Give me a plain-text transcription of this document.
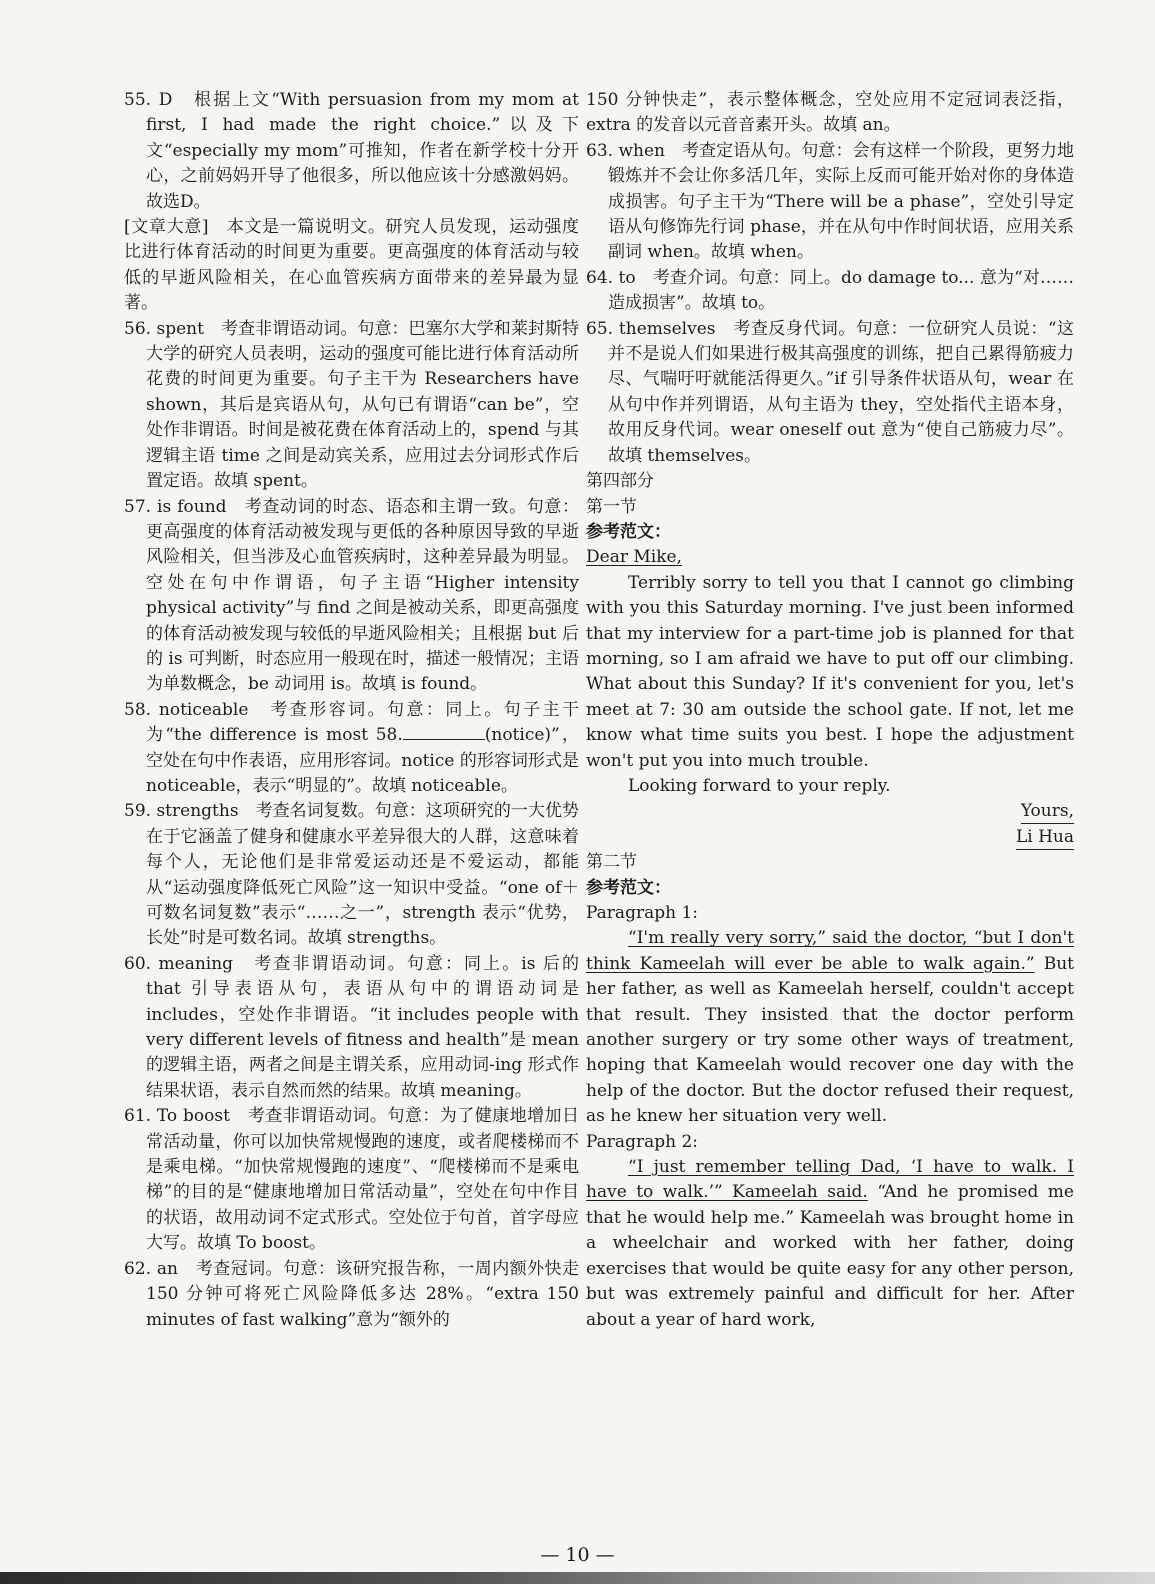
55. D　根据上文“With persuasion from my mom at first, I had made the right choice.”以及下文“especially my mom”可推知，作者在新学校十分开心，之前妈妈开导了他很多，所以他应该十分感激妈妈。故选D。

[文章大意]　本文是一篇说明文。研究人员发现，运动强度比进行体育活动的时间更为重要。更高强度的体育活动与较低的早逝风险相关，在心血管疾病方面带来的差异最为显著。

56. spent　考查非谓语动词。句意：巴塞尔大学和莱封斯特大学的研究人员表明，运动的强度可能比进行体育活动所花费的时间更为重要。句子主干为 Researchers have shown，其后是宾语从句，从句已有谓语“can be”，空处作非谓语。时间是被花费在体育活动上的，spend 与其逻辑主语 time 之间是动宾关系，应用过去分词形式作后置定语。故填 spent。

57. is found　考查动词的时态、语态和主谓一致。句意：更高强度的体育活动被发现与更低的各种原因导致的早逝风险相关，但当涉及心血管疾病时，这种差异最为明显。空处在句中作谓语，句子主语“Higher intensity physical activity”与 find 之间是被动关系，即更高强度的体育活动被发现与较低的早逝风险相关；且根据 but 后的 is 可判断，时态应用一般现在时，描述一般情况；主语为单数概念，be 动词用 is。故填 is found。

58. noticeable　考查形容词。句意：同上。句子主干为“the difference is most 58.	(notice)”，空处在句中作表语，应用形容词。notice 的形容词形式是 noticeable，表示“明显的”。故填 noticeable。

59. strengths　考查名词复数。句意：这项研究的一大优势在于它涵盖了健身和健康水平差异很大的人群，这意味着每个人，无论他们是非常爱运动还是不爱运动，都能从“运动强度降低死亡风险”这一知识中受益。“one of＋可数名词复数”表示“……之一”，strength 表示“优势，长处”时是可数名词。故填 strengths。

60. meaning　考查非谓语动词。句意：同上。is 后的 that 引导表语从句，表语从句中的谓语动词是 includes，空处作非谓语。“it includes people with very different levels of fitness and health”是 mean 的逻辑主语，两者之间是主谓关系，应用动词-ing 形式作结果状语，表示自然而然的结果。故填 meaning。

61. To boost　考查非谓语动词。句意：为了健康地增加日常活动量，你可以加快常规慢跑的速度，或者爬楼梯而不是乘电梯。“加快常规慢跑的速度”、“爬楼梯而不是乘电梯”的目的是“健康地增加日常活动量”，空处在句中作目的状语，故用动词不定式形式。空处位于句首，首字母应大写。故填 To boost。

62. an　考查冠词。句意：该研究报告称，一周内额外快走 150 分钟可将死亡风险降低多达 28%。“extra 150 minutes of fast walking”意为“额外的

150 分钟快走”，表示整体概念，空处应用不定冠词表泛指，extra 的发音以元音音素开头。故填 an。

63. when　考查定语从句。句意：会有这样一个阶段，更努力地锻炼并不会让你多活几年，实际上反而可能开始对你的身体造成损害。句子主干为“There will be a phase”，空处引导定语从句修饰先行词 phase，并在从句中作时间状语，应用关系副词 when。故填 when。

64. to　考查介词。句意：同上。do damage to... 意为“对……造成损害”。故填 to。

65. themselves　考查反身代词。句意：一位研究人员说：“这并不是说人们如果进行极其高强度的训练，把自己累得筋疲力尽、气喘吁吁就能活得更久。”if 引导条件状语从句，wear 在从句中作并列谓语，从句主语为 they，空处指代主语本身，故用反身代词。wear oneself out 意为“使自己筋疲力尽”。故填 themselves。

第四部分

第一节

参考范文：

Dear Mike,

Terribly sorry to tell you that I cannot go climbing with you this Saturday morning. I've just been informed that my interview for a part-time job is planned for that morning, so I am afraid we have to put off our climbing. What about this Sunday? If it's convenient for you, let's meet at 7: 30 am outside the school gate. If not, let me know what time suits you best. I hope the adjustment won't put you into much trouble.

Looking forward to your reply.

Yours,

Li Hua

第二节

参考范文：

Paragraph 1:

“I'm really very sorry,” said the doctor, “but I don't think Kameelah will ever be able to walk again.” But her father, as well as Kameelah herself, couldn't accept that result. They insisted that the doctor perform another surgery or try some other ways of treatment, hoping that Kameelah would recover one day with the help of the doctor. But the doctor refused their request, as he knew her situation very well.

Paragraph 2:

“I just remember telling Dad, ‘I have to walk. I have to walk.’” Kameelah said. “And he promised me that he would help me.” Kameelah was brought home in a wheelchair and worked with her father, doing exercises that would be quite easy for any other person, but was extremely painful and difficult for her. After about a year of hard work,

— 10 —
